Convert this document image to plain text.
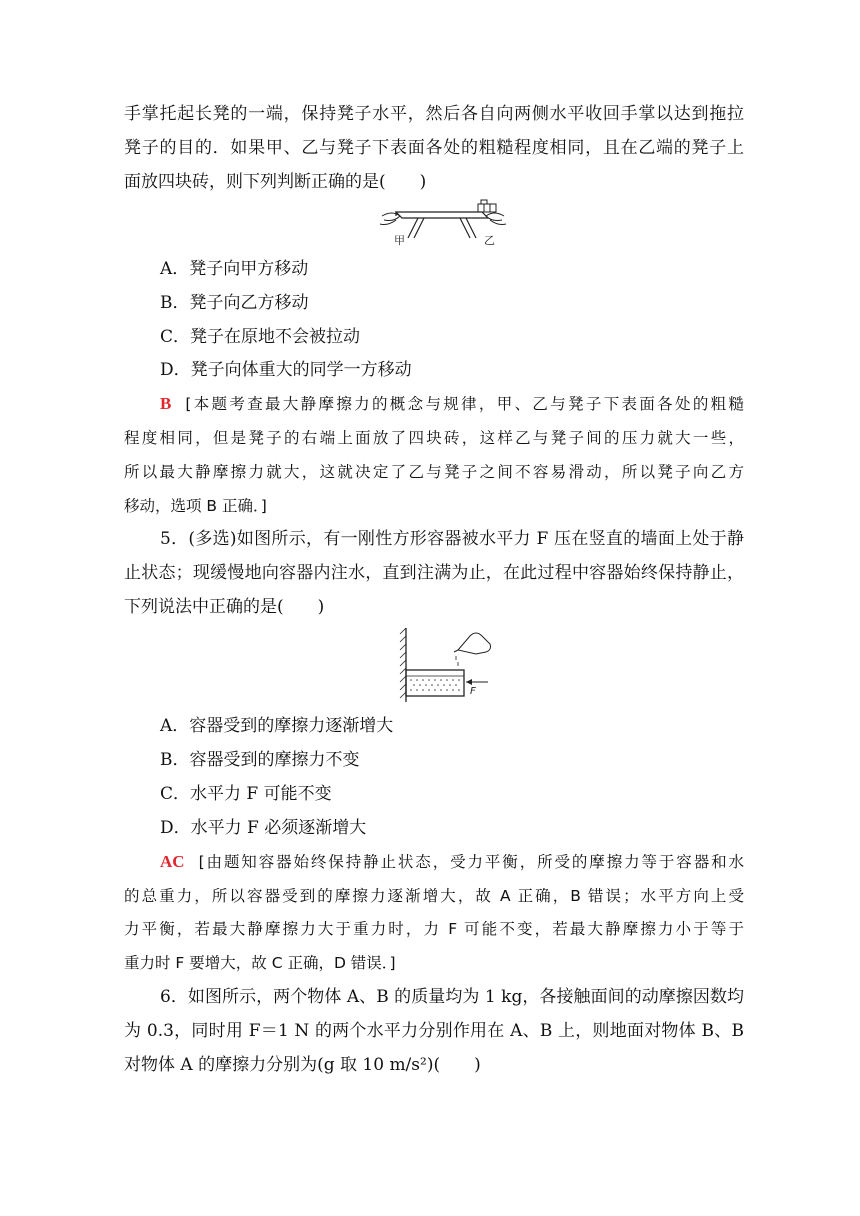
手掌托起长凳的一端，保持凳子水平，然后各自向两侧水平收回手掌以达到拖拉
凳子的目的．如果甲、乙与凳子下表面各处的粗糙程度相同，且在乙端的凳子上
面放四块砖，则下列判断正确的是(　　)
甲	乙
A．凳子向甲方移动
B．凳子向乙方移动
C．凳子在原地不会被拉动
D．凳子向体重大的同学一方移动
B [本题考查最大静摩擦力的概念与规律，甲、乙与凳子下表面各处的粗糙
程度相同，但是凳子的右端上面放了四块砖，这样乙与凳子间的压力就大一些，
所以最大静摩擦力就大，这就决定了乙与凳子之间不容易滑动，所以凳子向乙方
移动，选项 B 正确．]
5．(多选)如图所示，有一刚性方形容器被水平力 F 压在竖直的墙面上处于静
止状态；现缓慢地向容器内注水，直到注满为止，在此过程中容器始终保持静止，
下列说法中正确的是(　　)
F
A．容器受到的摩擦力逐渐增大
B．容器受到的摩擦力不变
C．水平力 F 可能不变
D．水平力 F 必须逐渐增大
AC [由题知容器始终保持静止状态，受力平衡，所受的摩擦力等于容器和水
的总重力，所以容器受到的摩擦力逐渐增大，故 A 正确，B 错误；水平方向上受
力平衡，若最大静摩擦力大于重力时，力 F 可能不变，若最大静摩擦力小于等于
重力时 F 要增大，故 C 正确，D 错误．]
6．如图所示，两个物体 A、B 的质量均为 1 kg，各接触面间的动摩擦因数均
为 0.3，同时用 F＝1 N 的两个水平力分别作用在 A、B 上，则地面对物体 B、B
对物体 A 的摩擦力分别为(g 取 10 m/s²)(　　)
